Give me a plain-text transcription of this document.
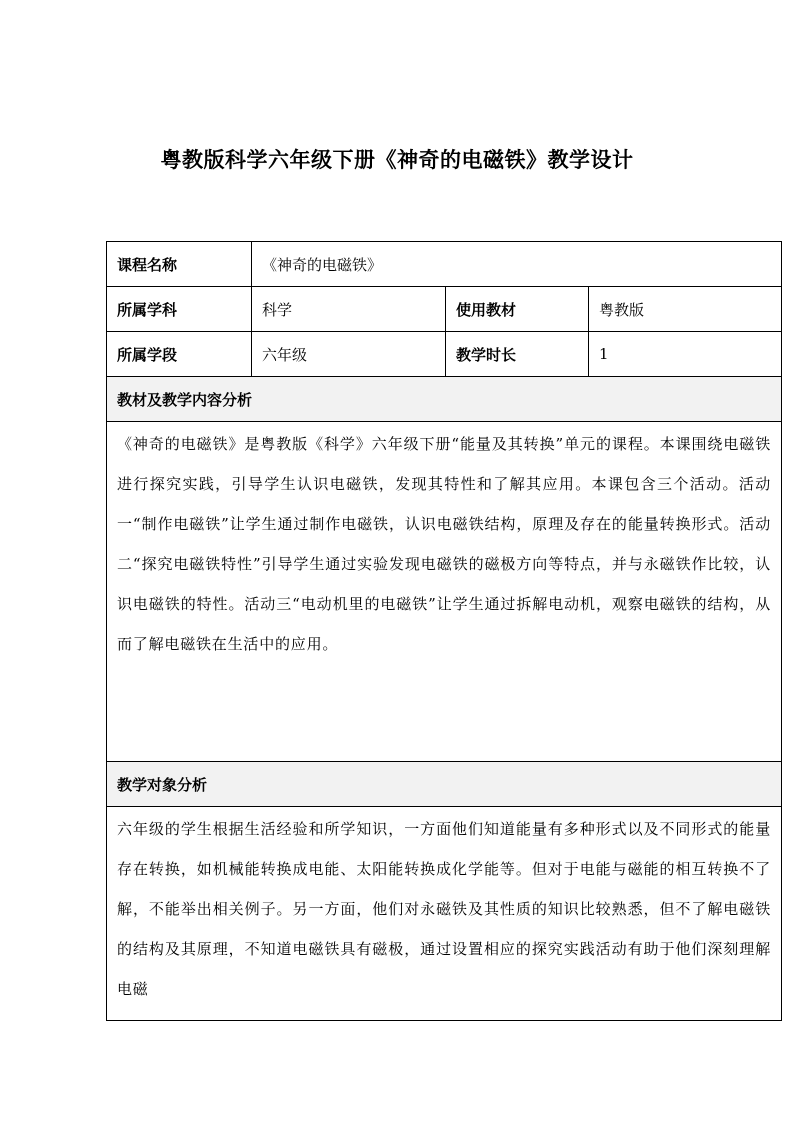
粤教版科学六年级下册《神奇的电磁铁》教学设计
课程名称	《神奇的电磁铁》		
所属学科	科学	使用教材	粤教版
所属学段	六年级	教学时长	1
教材及教学内容分析			
《神奇的电磁铁》是粤教版《科学》六年级下册“能量及其转换”单元的课程。本课围绕电磁铁进行探究实践，引导学生认识电磁铁，发现其特性和了解其应用。本课包含三个活动。活动一“制作电磁铁”让学生通过制作电磁铁，认识电磁铁结构，原理及存在的能量转换形式。活动二“探究电磁铁特性”引导学生通过实验发现电磁铁的磁极方向等特点，并与永磁铁作比较，认识电磁铁的特性。活动三“电动机里的电磁铁”让学生通过拆解电动机，观察电磁铁的结构，从而了解电磁铁在生活中的应用。			
教学对象分析			
六年级的学生根据生活经验和所学知识，一方面他们知道能量有多种形式以及不同形式的能量存在转换，如机械能转换成电能、太阳能转换成化学能等。但对于电能与磁能的相互转换不了解，不能举出相关例子。另一方面，他们对永磁铁及其性质的知识比较熟悉，但不了解电磁铁的结构及其原理，不知道电磁铁具有磁极，通过设置相应的探究实践活动有助于他们深刻理解电磁			
